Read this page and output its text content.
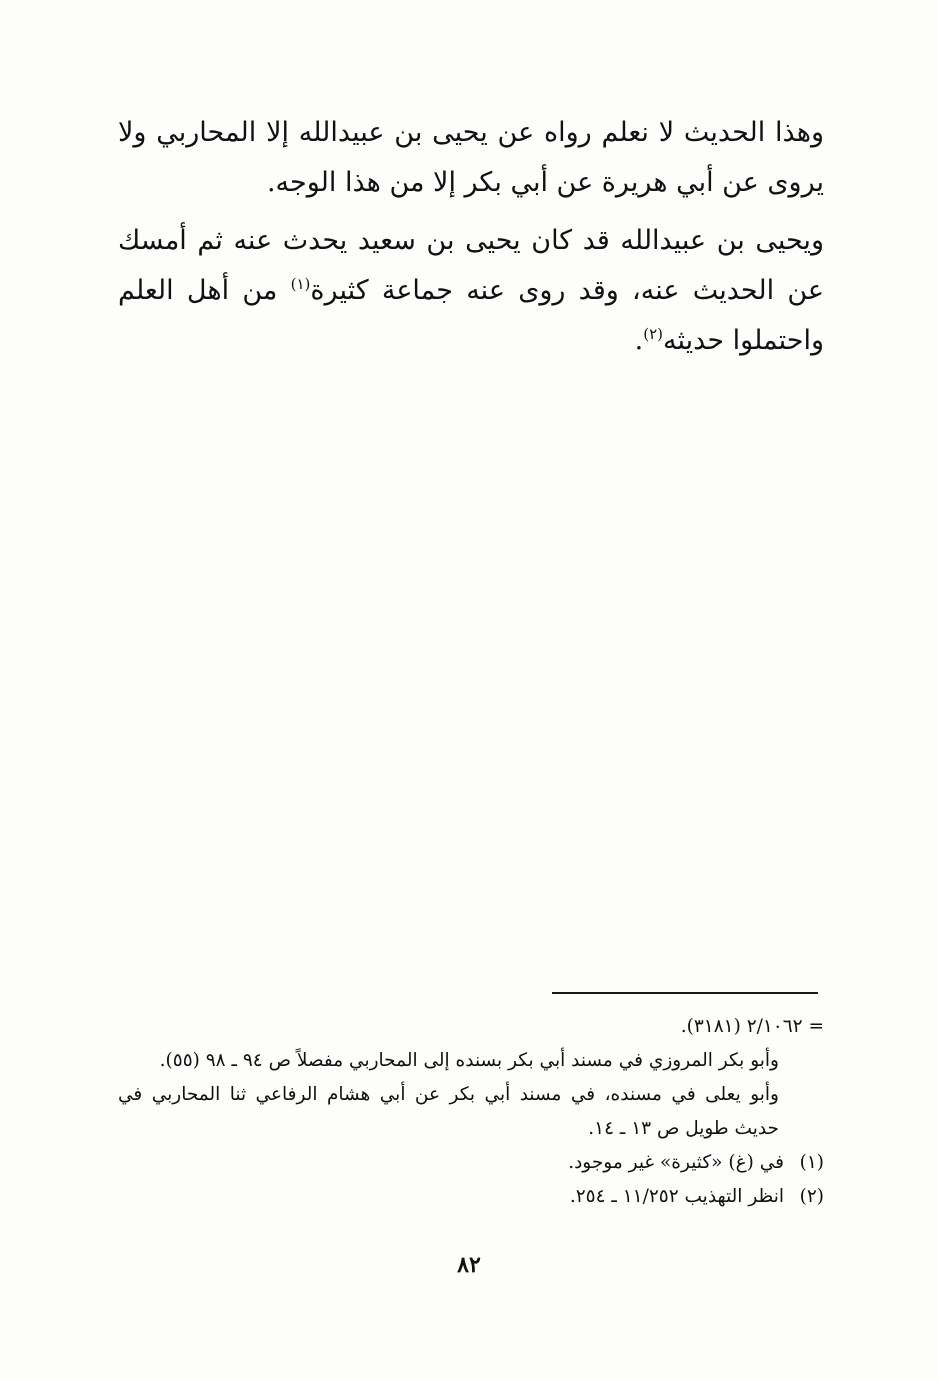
وهذا الحديث لا نعلم رواه عن يحيى بن عبيدالله إلا المحاربي ولا يروى عن أبي هريرة عن أبي بكر إلا من هذا الوجه.

ويحيى بن عبيدالله قد كان يحيى بن سعيد يحدث عنه ثم أمسك عن الحديث عنه، وقد روى عنه جماعة كثيرة$^{(١)}$ من أهل العلم واحتملوا حديثه$^{(٢)}$.

= ٢/١٠٦٢ (٣١٨١).

وأبو بكر المروزي في مسند أبي بكر بسنده إلى المحاربي مفصلاً ص ٩٤ ـ ٩٨ (٥٥).

وأبو يعلى في مسنده، في مسند أبي بكر عن أبي هشام الرفاعي ثنا المحاربي في حديث طويل ص ١٣ ـ ١٤.

(١)في (غ) «كثيرة» غير موجود.

(٢)انظر التهذيب ١١/٢٥٢ ـ ٢٥٤.

٨٢
